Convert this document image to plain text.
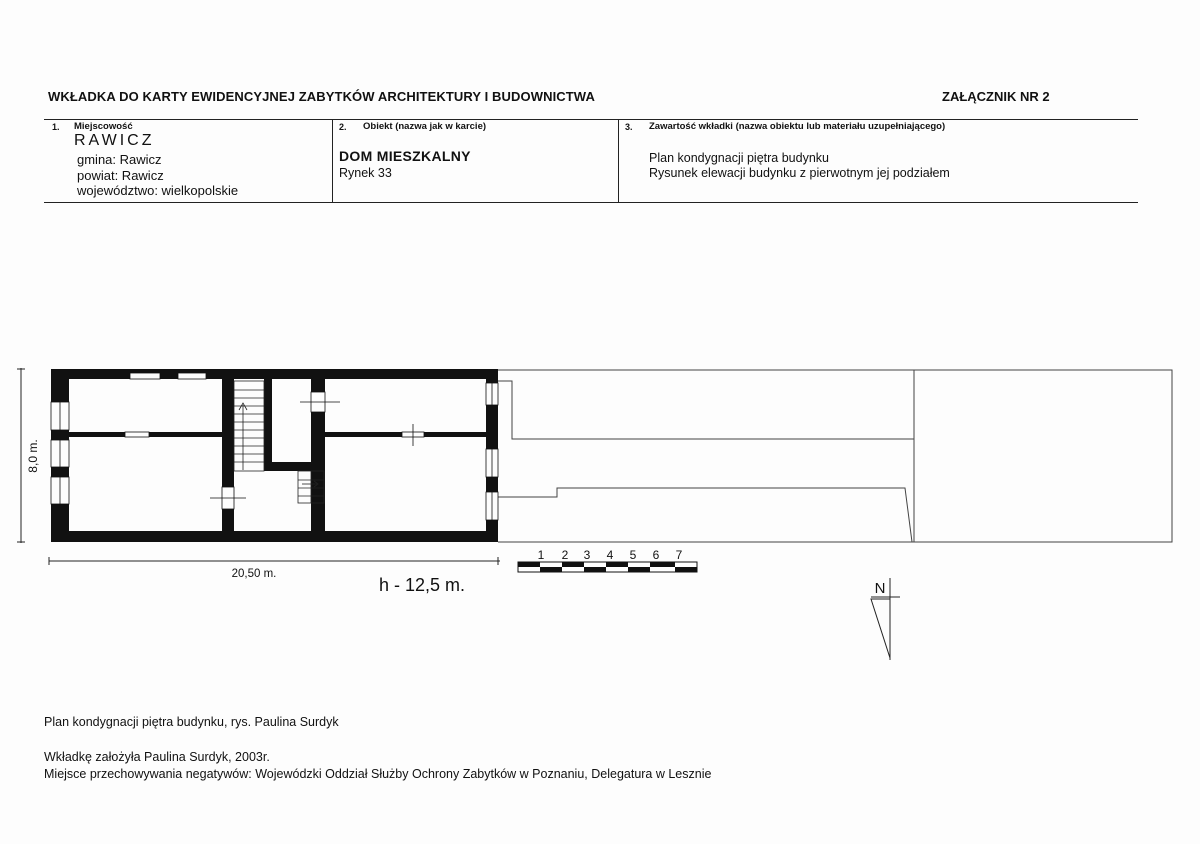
WKŁADKA DO KARTY EWIDENCYJNEJ ZABYTKÓW ARCHITEKTURY I BUDOWNICTWA	ZAŁĄCZNIK NR 2
1. Miejscowość
RAWICZ
gmina: Rawicz
powiat: Rawicz
województwo: wielkopolskie
2. Obiekt (nazwa jak w karcie)
DOM MIESZKALNY
Rynek 33
3. Zawartość wkładki (nazwa obiektu lub materiału uzupełniającego)
Plan kondygnacji piętra budynku
Rysunek elewacji budynku z pierwotnym jej podziałem
8,0 m.
20,50 m.
h - 12,5 m.
1 2 3 4 5 6 7
N
Plan kondygnacji piętra budynku, rys. Paulina Surdyk
Wkładkę założyła Paulina Surdyk, 2003r.
Miejsce przechowywania negatywów: Wojewódzki Oddział Służby Ochrony Zabytków w Poznaniu, Delegatura w Lesznie
